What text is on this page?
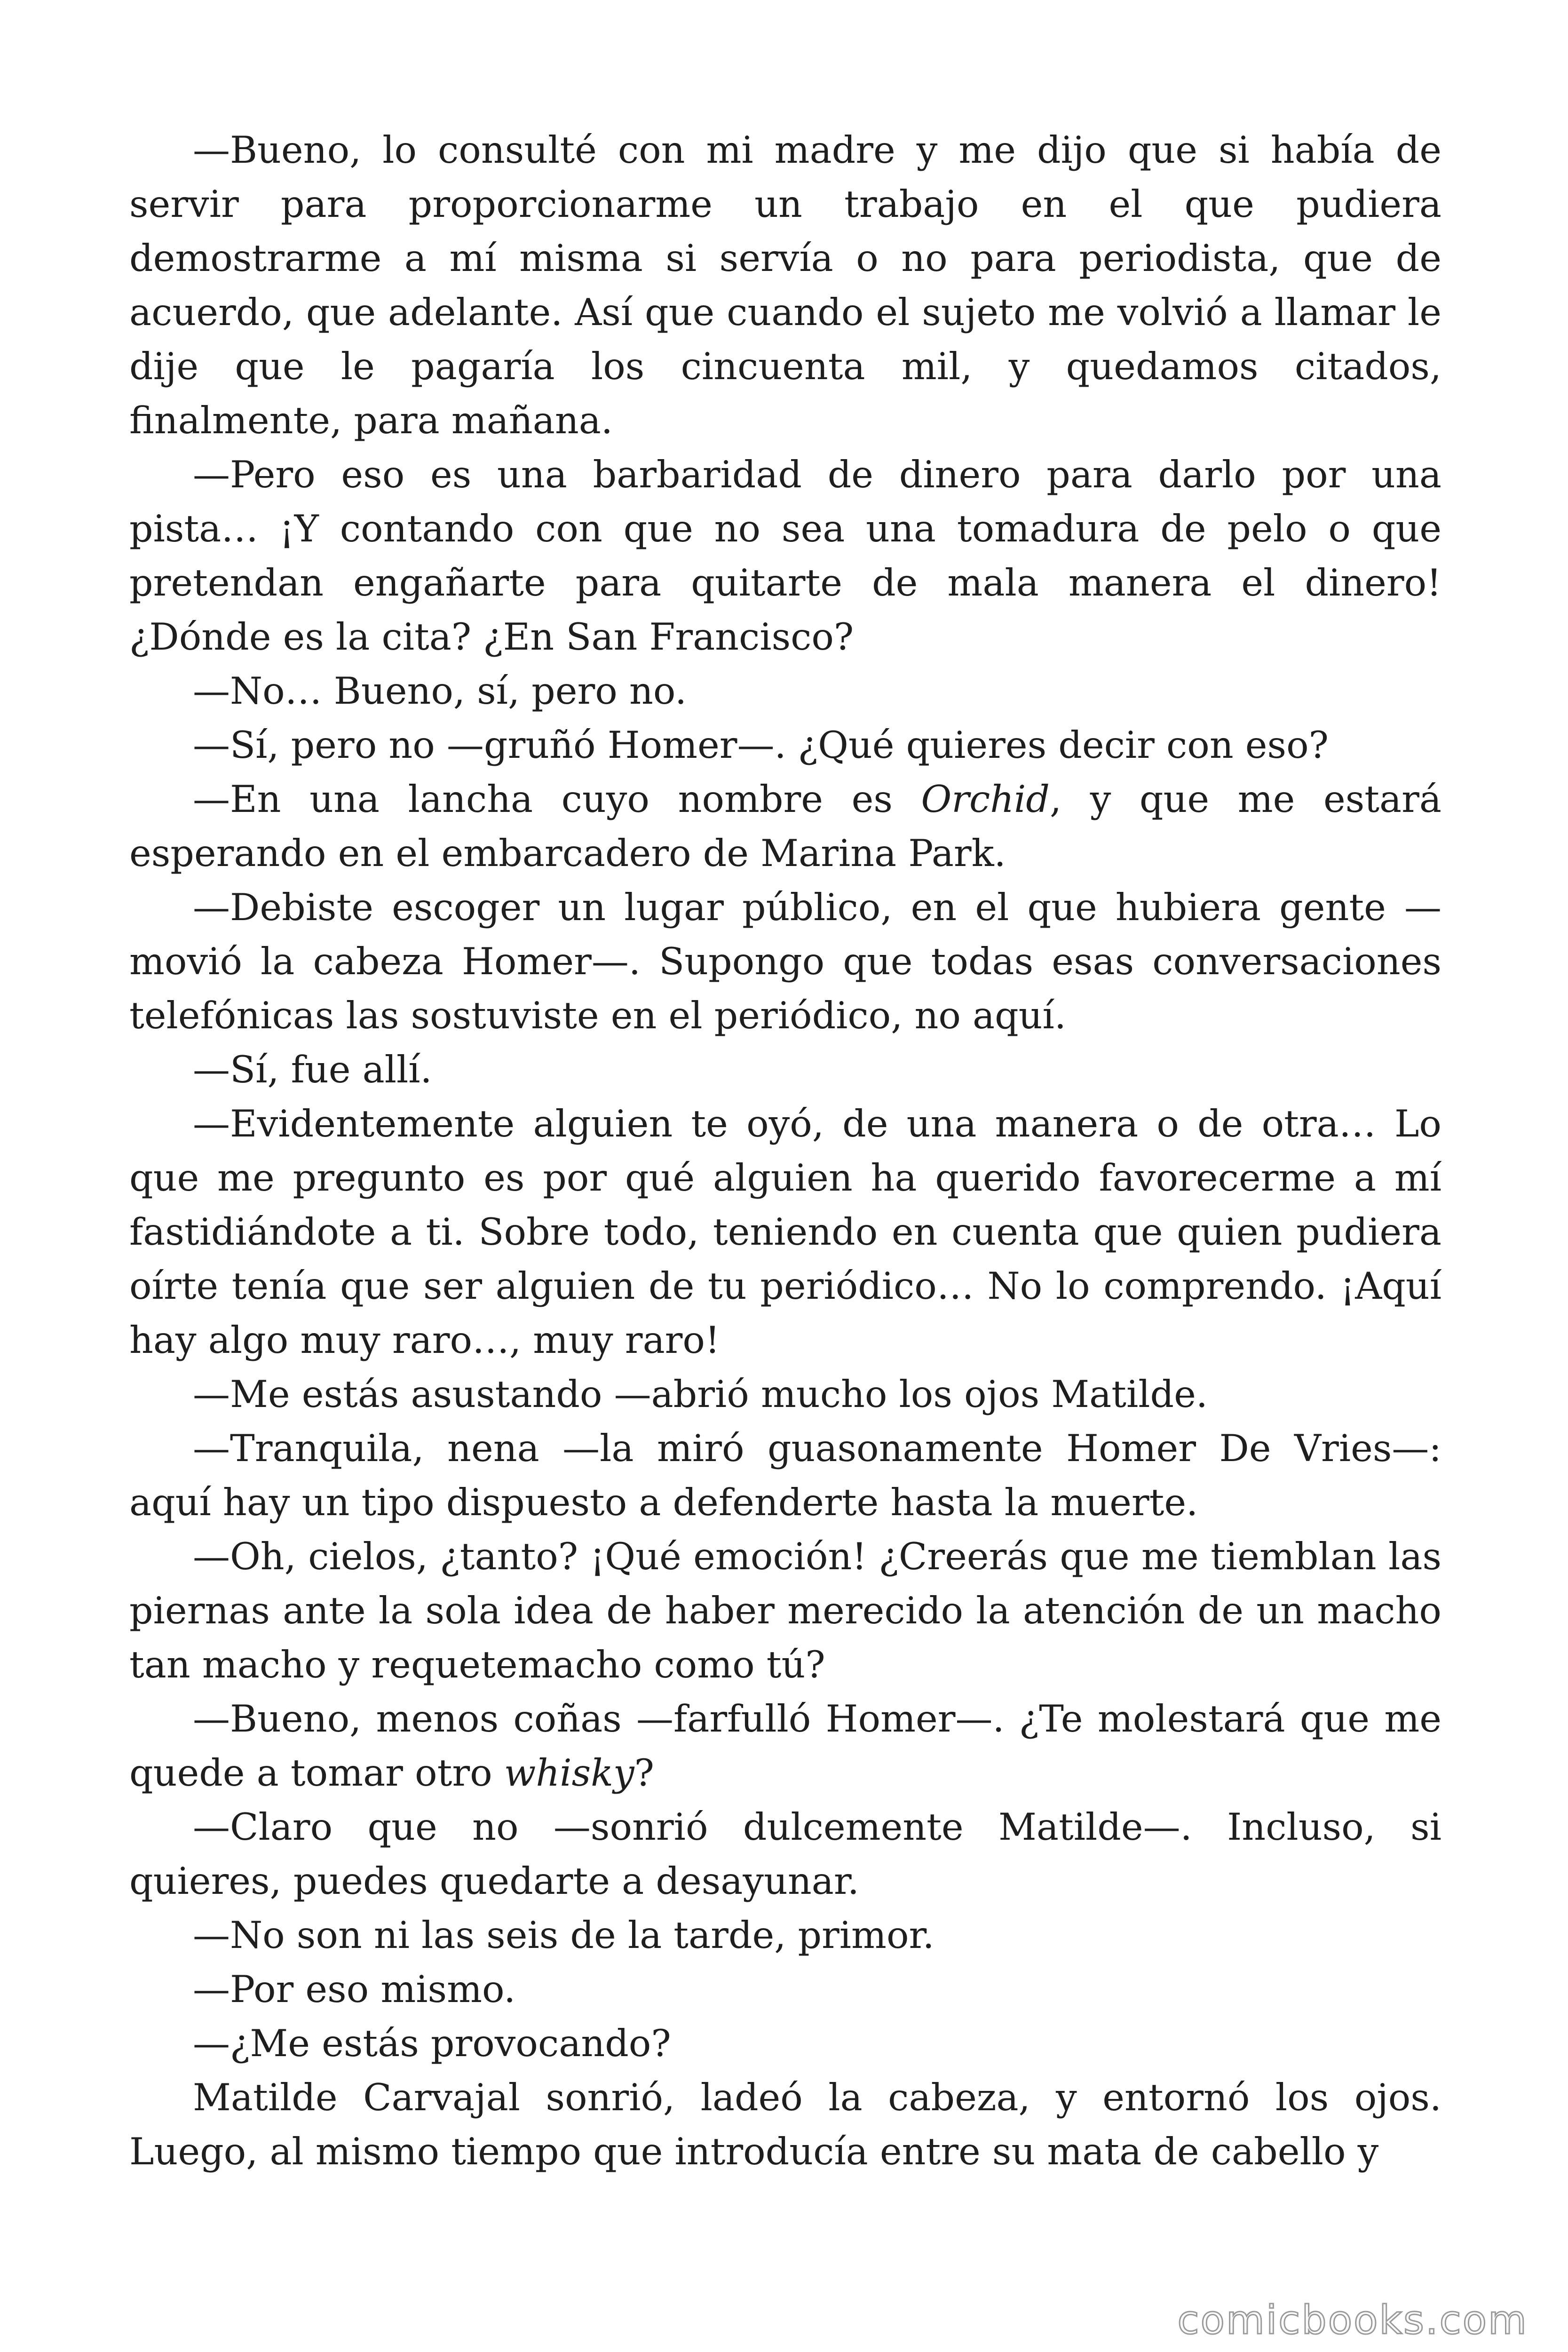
—Bueno, lo consulté con mi madre y me dijo que si había de servir para proporcionarme un trabajo en el que pudiera demostrarme a mí misma si servía o no para periodista, que de acuerdo, que adelante. Así que cuando el sujeto me volvió a llamar le dije que le pagaría los cincuenta mil, y quedamos citados, finalmente, para mañana.

—Pero eso es una barbaridad de dinero para darlo por una pista… ¡Y contando con que no sea una tomadura de pelo o que pretendan engañarte para quitarte de mala manera el dinero! ¿Dónde es la cita? ¿En San Francisco?

—No… Bueno, sí, pero no.

—Sí, pero no —gruñó Homer—. ¿Qué quieres decir con eso?

—En una lancha cuyo nombre es Orchid, y que me estará esperando en el embarcadero de Marina Park.

—Debiste escoger un lugar público, en el que hubiera gente —movió la cabeza Homer—. Supongo que todas esas conversaciones telefónicas las sostuviste en el periódico, no aquí.

—Sí, fue allí.

—Evidentemente alguien te oyó, de una manera o de otra… Lo que me pregunto es por qué alguien ha querido favorecerme a mí fastidiándote a ti. Sobre todo, teniendo en cuenta que quien pudiera oírte tenía que ser alguien de tu periódico… No lo comprendo. ¡Aquí hay algo muy raro…, muy raro!

—Me estás asustando —abrió mucho los ojos Matilde.

—Tranquila, nena —la miró guasonamente Homer De Vries—: aquí hay un tipo dispuesto a defenderte hasta la muerte.

—Oh, cielos, ¿tanto? ¡Qué emoción! ¿Creerás que me tiemblan las piernas ante la sola idea de haber merecido la atención de un macho tan macho y requetemacho como tú?

—Bueno, menos coñas —farfulló Homer—. ¿Te molestará que me quede a tomar otro whisky?

—Claro que no —sonrió dulcemente Matilde—. Incluso, si quieres, puedes quedarte a desayunar.

—No son ni las seis de la tarde, primor.

—Por eso mismo.

—¿Me estás provocando?

Matilde Carvajal sonrió, ladeó la cabeza, y entornó los ojos. Luego, al mismo tiempo que introducía entre su mata de cabello y

comicbooks.com
